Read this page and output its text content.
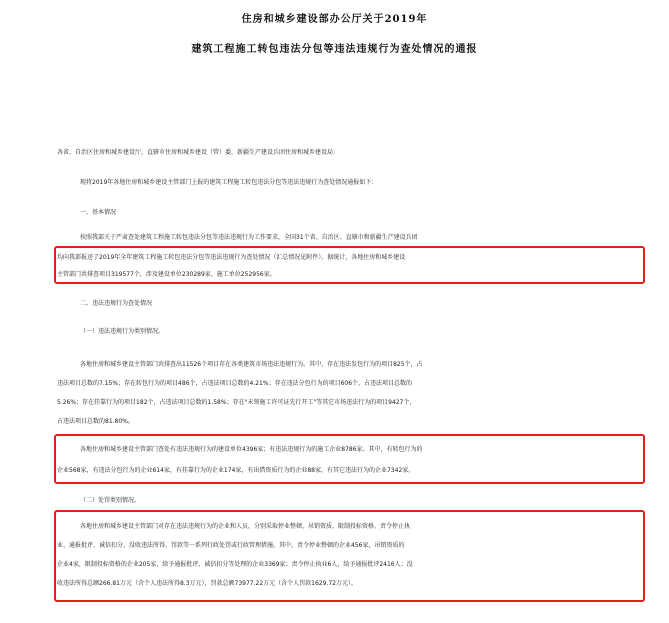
住房和城乡建设部办公厅关于2019年
建筑工程施工转包违法分包等违法违规行为查处情况的通报
各省、自治区住房和城乡建设厅，直辖市住房和城乡建设（管）委，新疆生产建设兵团住房和城乡建设局：
现将2019年各地住房和城乡建设主管部门上报的建筑工程施工转包违法分包等违法违规行为查处情况通报如下：
一、基本情况
按照我部关于严肃查处建筑工程施工转包违法分包等违法违规行为工作要求，全国31个省、自治区、直辖市和新疆生产建设兵团
均向我部报送了2019年全年建筑工程施工转包违法分包等违法违规行为查处情况（汇总情况见附件）。据统计，各地住房和城乡建设
主管部门共排查项目319577个，涉及建设单位230289家、施工单位252956家。
二、违法违规行为查处情况
（一）违法违规行为类别情况。
各地住房和城乡建设主管部门共排查出11526个项目存在各类建筑市场违法违规行为。其中，存在违法发包行为的项目825个，占
违法项目总数的7.15%；存在转包行为的项目486个，占违法项目总数的4.21%；存在违法分包行为的项目606个，占违法项目总数的
5.26%；存在挂靠行为的项目182个，占违法项目总数的1.58%；存在"未领施工许可证先行开工"等其它市场违法行为的项目9427个，
占违法项目总数的81.80%。
各地住房和城乡建设主管部门查处有违法违规行为的建设单位4396家；有违法违规行为的施工企业8786家。其中，有转包行为的
企业568家，有违法分包行为的企业614家，有挂靠行为的企业174家，有出借资质行为的企业88家，有其它违法行为的企业7342家。
（二）处罚类别情况。
各地住房和城乡建设主管部门对存在违法违规行为的企业和人员，分别采取停业整顿、吊销资质、限制投标资格、责令停止执
业、通报批评、诚信扣分、没收违法所得、罚款等一系列行政处罚或行政管理措施。其中，责令停业整顿的企业456家，吊销资质的
企业4家，限制投标资格的企业205家，给予通报批评、诚信扣分等处理的企业3369家；责令停止执业6人，给予通报批评2416人；没
收违法所得总额266.81万元（含个人违法所得8.3万元），罚款总额73977.22万元（含个人罚款1629.72万元）。
